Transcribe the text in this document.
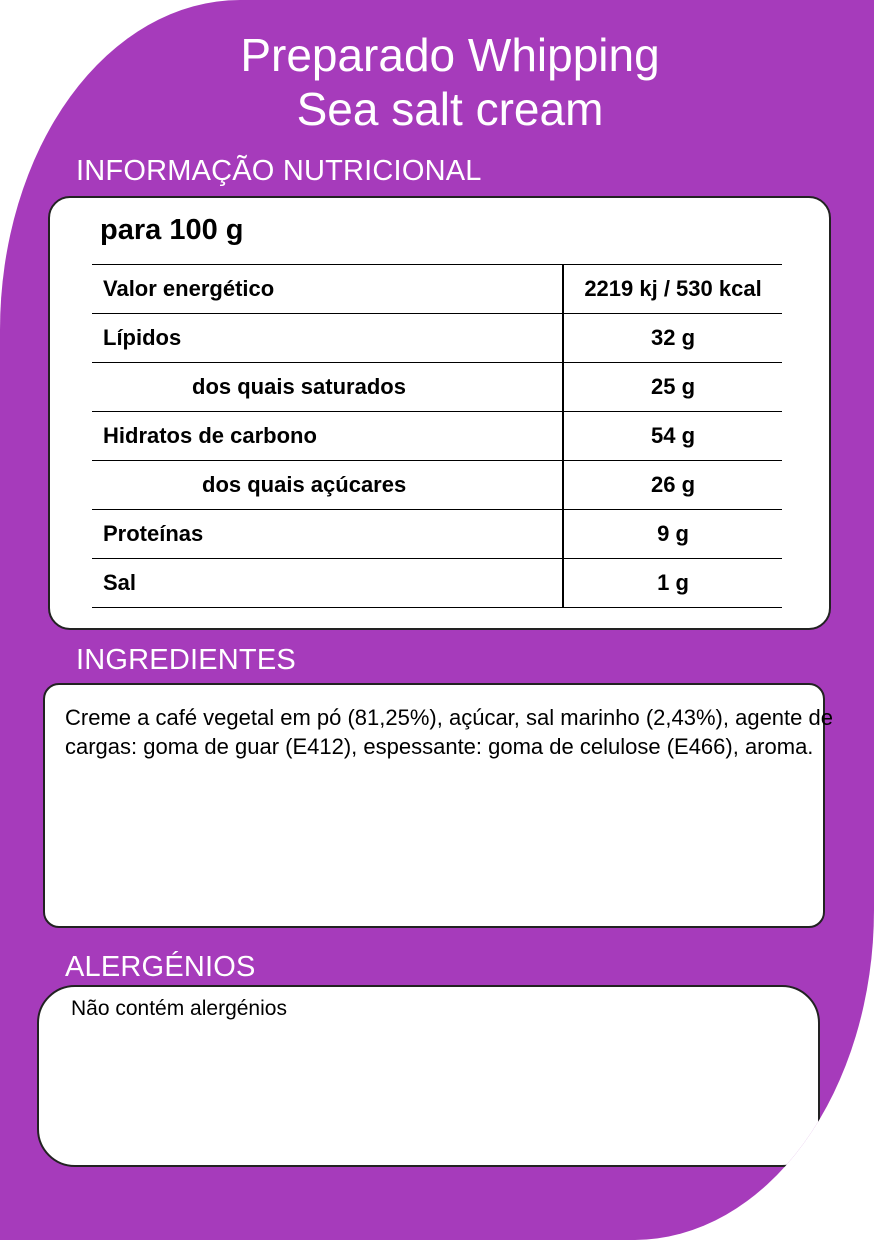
Preparado Whipping
Sea salt cream
INFORMAÇÃO NUTRICIONAL
para 100 g
Valor energético	2219 kj / 530 kcal
Lípidos	32 g
dos quais saturados	25 g
Hidratos de carbono	54 g
dos quais açúcares	26 g
Proteínas	9 g
Sal	1 g
INGREDIENTES
Creme a café vegetal em pó (81,25%), açúcar, sal marinho (2,43%), agente de cargas: goma de guar (E412), espessante: goma de celulose (E466), aroma.
ALERGÉNIOS
Não contém alergénios
